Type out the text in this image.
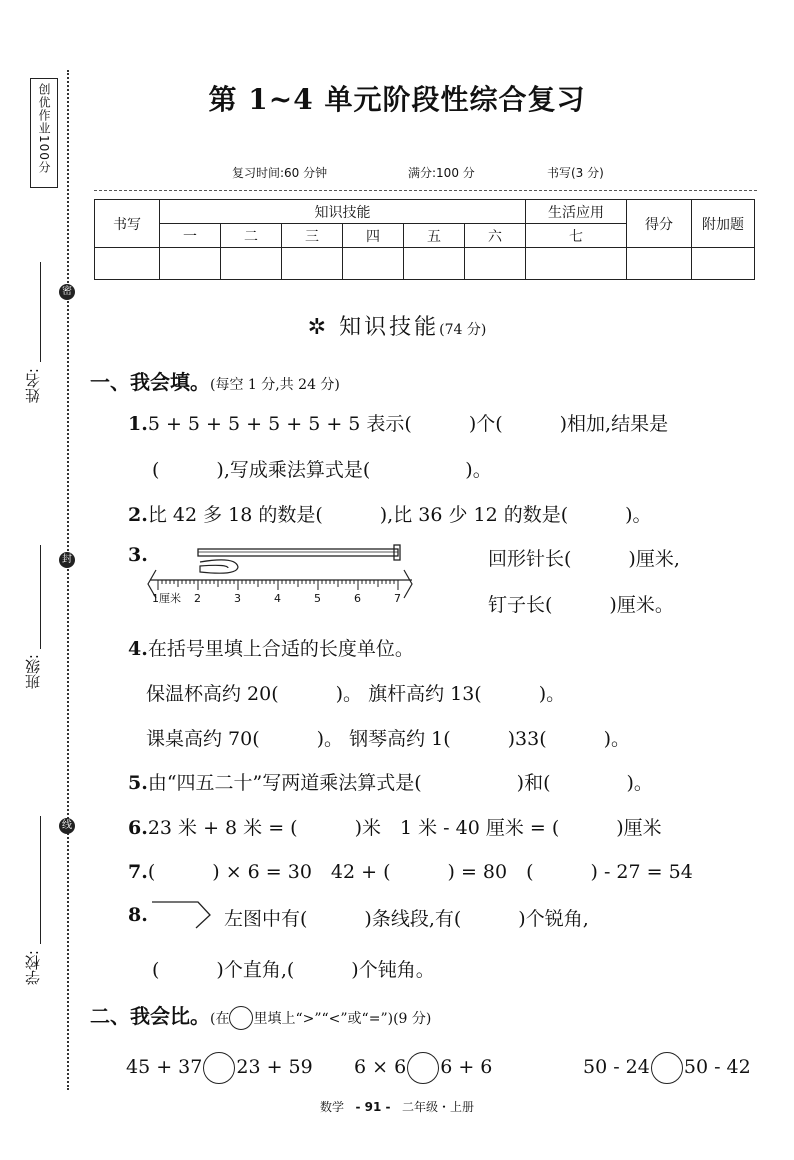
创优作业100分
姓名:
密
班级:
封
学校:
线
第 1~4 单元阶段性综合复习
复习时间:60 分钟	满分:100 分	书写(3 分)
书写	知识技能						生活应用	得分	附加题
	一	二	三	四	五	六	七		

✲ 知识技能(74 分)
一、我会填。(每空 1 分,共 24 分)
1.5 + 5 + 5 + 5 + 5 + 5 表示(　　　)个(　　　)相加,结果是
(　　　),写成乘法算式是(　　　　　)。
2.比 42 多 18 的数是(　　　),比 36 少 12 的数是(　　　)。
3.
1厘米 2	3	4	5	6	7
回形针长(　　　)厘米,
钉子长(　　　)厘米。
4.在括号里填上合适的长度单位。
保温杯高约 20(　　　)。 旗杆高约 13(　　　)。
课桌高约 70(　　　)。 钢琴高约 1(　　　)33(　　　)。
5.由“四五二十”写两道乘法算式是(　　　　　)和(　　　　)。
6.23 米 + 8 米 = (　　　)米　1 米 - 40 厘米 = (　　　)厘米
7.(　　　) × 6 = 30　42 + (　　　) = 80　(　　　) - 27 = 54
8.	左图中有(　　　)条线段,有(　　　)个锐角,
(　　　)个直角,(　　　)个钝角。
二、我会比。(在 里填上“>”“<”或“=”)(9 分)
45 + 37 23 + 59 6 × 6 6 + 6	50 - 24 50 - 42
数学 - 91 - 二年级・上册
